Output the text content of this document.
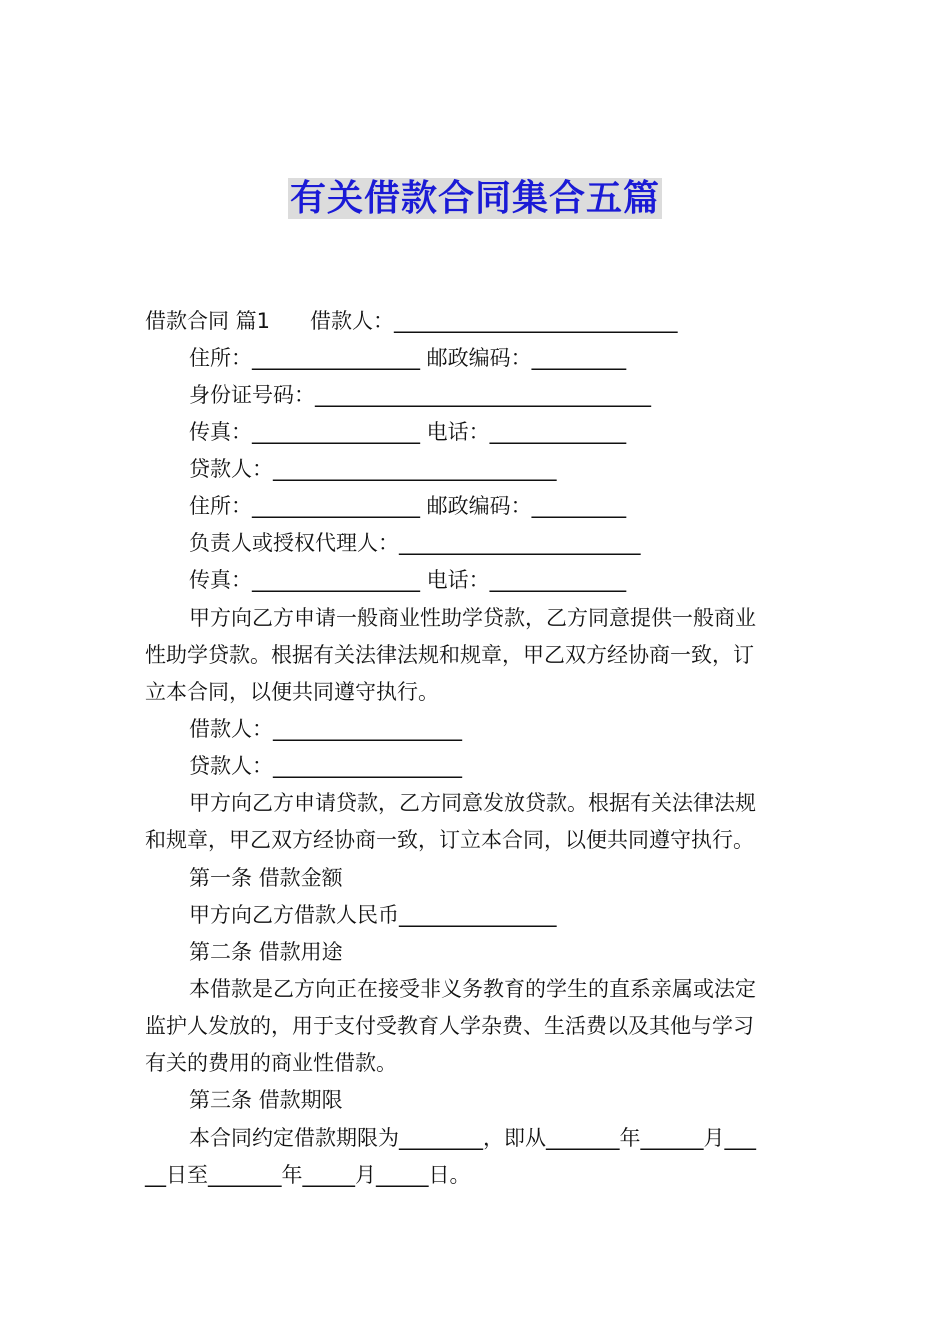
有关借款合同集合五篇
借款合同 篇1 借款人：___________________________
住所：________________ 邮政编码：_________
身份证号码：________________________________
传真：________________ 电话：_____________
贷款人：___________________________
住所：________________ 邮政编码：_________
负责人或授权代理人：_______________________
传真：________________ 电话：_____________
甲方向乙方申请一般商业性助学贷款，乙方同意提供一般商业
性助学贷款。根据有关法律法规和规章，甲乙双方经协商一致，订
立本合同，以便共同遵守执行。
借款人：__________________
贷款人：__________________
甲方向乙方申请贷款，乙方同意发放贷款。根据有关法律法规
和规章，甲乙双方经协商一致，订立本合同，以便共同遵守执行。
第一条 借款金额
甲方向乙方借款人民币_______________
第二条 借款用途
本借款是乙方向正在接受非义务教育的学生的直系亲属或法定
监护人发放的，用于支付受教育人学杂费、生活费以及其他与学习
有关的费用的商业性借款。
第三条 借款期限
本合同约定借款期限为________，即从_______年______月___
__日至_______年_____月_____日。
